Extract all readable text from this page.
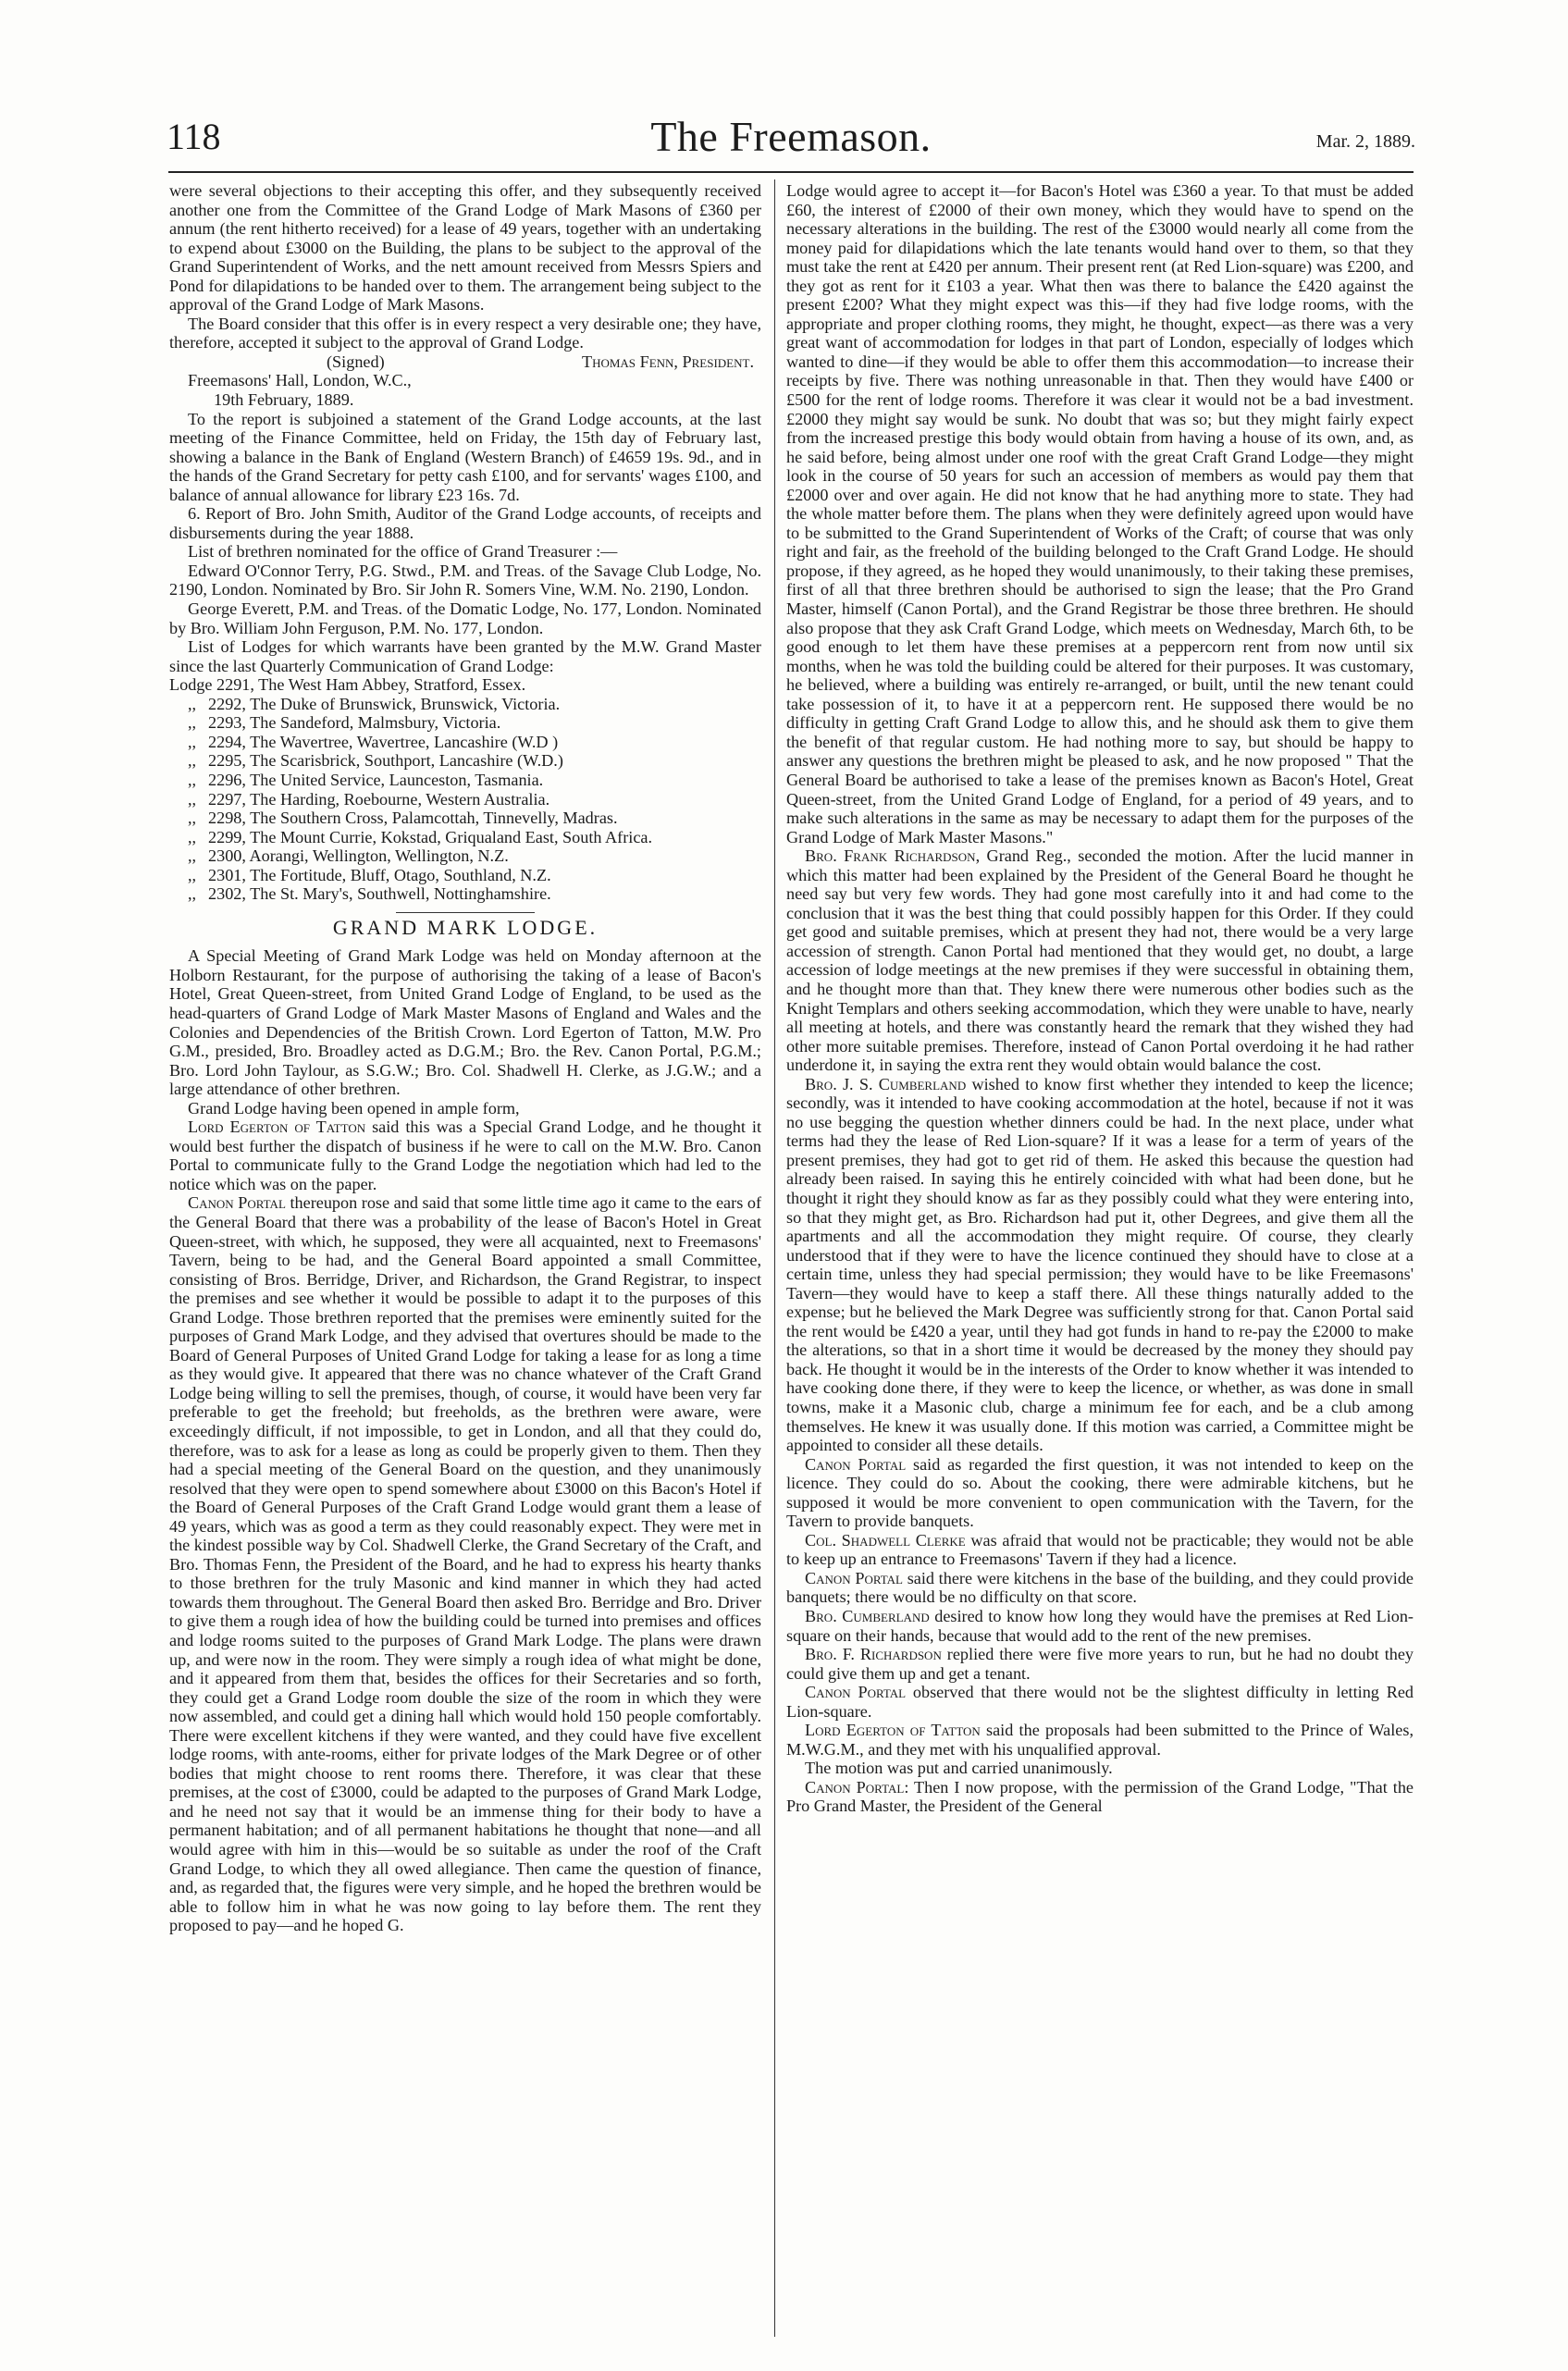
118	The Freemason.	Mar. 2, 1889.

were several objections to their accepting this offer, and they subsequently received another one from the Committee of the Grand Lodge of Mark Masons of £360 per annum (the rent hitherto received) for a lease of 49 years, together with an undertaking to expend about £3000 on the Building, the plans to be subject to the approval of the Grand Superintendent of Works, and the nett amount received from Messrs Spiers and Pond for dilapidations to be handed over to them. The arrangement being subject to the approval of the Grand Lodge of Mark Masons.

The Board consider that this offer is in every respect a very desirable one; they have, therefore, accepted it subject to the approval of Grand Lodge.

(Signed)	Thomas Fenn, President.

Freemasons' Hall, London, W.C.,

19th February, 1889.

To the report is subjoined a statement of the Grand Lodge accounts, at the last meeting of the Finance Committee, held on Friday, the 15th day of February last, showing a balance in the Bank of England (Western Branch) of £4659 19s. 9d., and in the hands of the Grand Secretary for petty cash £100, and for servants' wages £100, and balance of annual allowance for library £23 16s. 7d.

6. Report of Bro. John Smith, Auditor of the Grand Lodge accounts, of receipts and disbursements during the year 1888.

List of brethren nominated for the office of Grand Treasurer :—

Edward O'Connor Terry, P.G. Stwd., P.M. and Treas. of the Savage Club Lodge, No. 2190, London. Nominated by Bro. Sir John R. Somers Vine, W.M. No. 2190, London.

George Everett, P.M. and Treas. of the Domatic Lodge, No. 177, London. Nominated by Bro. William John Ferguson, P.M. No. 177, London.

List of Lodges for which warrants have been granted by the M.W. Grand Master since the last Quarterly Communication of Grand Lodge:

Lodge 2291, The West Ham Abbey, Stratford, Essex.

,, 2292, The Duke of Brunswick, Brunswick, Victoria.
,, 2293, The Sandeford, Malmsbury, Victoria.
,, 2294, The Wavertree, Wavertree, Lancashire (W.D )
,, 2295, The Scarisbrick, Southport, Lancashire (W.D.)
,, 2296, The United Service, Launceston, Tasmania.
,, 2297, The Harding, Roebourne, Western Australia.
,, 2298, The Southern Cross, Palamcottah, Tinnevelly, Madras.
,, 2299, The Mount Currie, Kokstad, Griqualand East, South Africa.
,, 2300, Aorangi, Wellington, Wellington, N.Z.
,, 2301, The Fortitude, Bluff, Otago, Southland, N.Z.
,, 2302, The St. Mary's, Southwell, Nottinghamshire.
GRAND MARK LODGE.

A Special Meeting of Grand Mark Lodge was held on Monday afternoon at the Holborn Restaurant, for the purpose of authorising the taking of a lease of Bacon's Hotel, Great Queen-street, from United Grand Lodge of England, to be used as the head-quarters of Grand Lodge of Mark Master Masons of England and Wales and the Colonies and Dependencies of the British Crown. Lord Egerton of Tatton, M.W. Pro G.M., presided, Bro. Broadley acted as D.G.M.; Bro. the Rev. Canon Portal, P.G.M.; Bro. Lord John Taylour, as S.G.W.; Bro. Col. Shadwell H. Clerke, as J.G.W.; and a large attendance of other brethren.

Grand Lodge having been opened in ample form,

Lord Egerton of Tatton said this was a Special Grand Lodge, and he thought it would best further the dispatch of business if he were to call on the M.W. Bro. Canon Portal to communicate fully to the Grand Lodge the negotiation which had led to the notice which was on the paper.

Canon Portal thereupon rose and said that some little time ago it came to the ears of the General Board that there was a probability of the lease of Bacon's Hotel in Great Queen-street, with which, he supposed, they were all acquainted, next to Freemasons' Tavern, being to be had, and the General Board appointed a small Committee, consisting of Bros. Berridge, Driver, and Richardson, the Grand Registrar, to inspect the premises and see whether it would be possible to adapt it to the purposes of this Grand Lodge. Those brethren reported that the premises were eminently suited for the purposes of Grand Mark Lodge, and they advised that overtures should be made to the Board of General Purposes of United Grand Lodge for taking a lease for as long a time as they would give. It appeared that there was no chance whatever of the Craft Grand Lodge being willing to sell the premises, though, of course, it would have been very far preferable to get the freehold; but freeholds, as the brethren were aware, were exceedingly difficult, if not impossible, to get in London, and all that they could do, therefore, was to ask for a lease as long as could be properly given to them. Then they had a special meeting of the General Board on the question, and they unanimously resolved that they were open to spend somewhere about £3000 on this Bacon's Hotel if the Board of General Purposes of the Craft Grand Lodge would grant them a lease of 49 years, which was as good a term as they could reasonably expect. They were met in the kindest possible way by Col. Shadwell Clerke, the Grand Secretary of the Craft, and Bro. Thomas Fenn, the President of the Board, and he had to express his hearty thanks to those brethren for the truly Masonic and kind manner in which they had acted towards them throughout. The General Board then asked Bro. Berridge and Bro. Driver to give them a rough idea of how the building could be turned into premises and offices and lodge rooms suited to the purposes of Grand Mark Lodge. The plans were drawn up, and were now in the room. They were simply a rough idea of what might be done, and it appeared from them that, besides the offices for their Secretaries and so forth, they could get a Grand Lodge room double the size of the room in which they were now assembled, and could get a dining hall which would hold 150 people comfortably. There were excellent kitchens if they were wanted, and they could have five excellent lodge rooms, with ante-rooms, either for private lodges of the Mark Degree or of other bodies that might choose to rent rooms there. Therefore, it was clear that these premises, at the cost of £3000, could be adapted to the purposes of Grand Mark Lodge, and he need not say that it would be an immense thing for their body to have a permanent habitation; and of all permanent habitations he thought that none—and all would agree with him in this—would be so suitable as under the roof of the Craft Grand Lodge, to which they all owed allegiance. Then came the question of finance, and, as regarded that, the figures were very simple, and he hoped the brethren would be able to follow him in what he was now going to lay before them. The rent they proposed to pay—and he hoped G.

Lodge would agree to accept it—for Bacon's Hotel was £360 a year. To that must be added £60, the interest of £2000 of their own money, which they would have to spend on the necessary alterations in the building. The rest of the £3000 would nearly all come from the money paid for dilapidations which the late tenants would hand over to them, so that they must take the rent at £420 per annum. Their present rent (at Red Lion-square) was £200, and they got as rent for it £103 a year. What then was there to balance the £420 against the present £200? What they might expect was this—if they had five lodge rooms, with the appropriate and proper clothing rooms, they might, he thought, expect—as there was a very great want of accommodation for lodges in that part of London, especially of lodges which wanted to dine—if they would be able to offer them this accommodation—to increase their receipts by five. There was nothing unreasonable in that. Then they would have £400 or £500 for the rent of lodge rooms. Therefore it was clear it would not be a bad investment. £2000 they might say would be sunk. No doubt that was so; but they might fairly expect from the increased prestige this body would obtain from having a house of its own, and, as he said before, being almost under one roof with the great Craft Grand Lodge—they might look in the course of 50 years for such an accession of members as would pay them that £2000 over and over again. He did not know that he had anything more to state. They had the whole matter before them. The plans when they were definitely agreed upon would have to be submitted to the Grand Superintendent of Works of the Craft; of course that was only right and fair, as the freehold of the building belonged to the Craft Grand Lodge. He should propose, if they agreed, as he hoped they would unanimously, to their taking these premises, first of all that three brethren should be authorised to sign the lease; that the Pro Grand Master, himself (Canon Portal), and the Grand Registrar be those three brethren. He should also propose that they ask Craft Grand Lodge, which meets on Wednesday, March 6th, to be good enough to let them have these premises at a peppercorn rent from now until six months, when he was told the building could be altered for their purposes. It was customary, he believed, where a building was entirely re-arranged, or built, until the new tenant could take possession of it, to have it at a peppercorn rent. He supposed there would be no difficulty in getting Craft Grand Lodge to allow this, and he should ask them to give them the benefit of that regular custom. He had nothing more to say, but should be happy to answer any questions the brethren might be pleased to ask, and he now proposed " That the General Board be authorised to take a lease of the premises known as Bacon's Hotel, Great Queen-street, from the United Grand Lodge of England, for a period of 49 years, and to make such alterations in the same as may be necessary to adapt them for the purposes of the Grand Lodge of Mark Master Masons."

Bro. Frank Richardson, Grand Reg., seconded the motion. After the lucid manner in which this matter had been explained by the President of the General Board he thought he need say but very few words. They had gone most carefully into it and had come to the conclusion that it was the best thing that could possibly happen for this Order. If they could get good and suitable premises, which at present they had not, there would be a very large accession of strength. Canon Portal had mentioned that they would get, no doubt, a large accession of lodge meetings at the new premises if they were successful in obtaining them, and he thought more than that. They knew there were numerous other bodies such as the Knight Templars and others seeking accommodation, which they were unable to have, nearly all meeting at hotels, and there was constantly heard the remark that they wished they had other more suitable premises. Therefore, instead of Canon Portal overdoing it he had rather underdone it, in saying the extra rent they would obtain would balance the cost.

Bro. J. S. Cumberland wished to know first whether they intended to keep the licence; secondly, was it intended to have cooking accommodation at the hotel, because if not it was no use begging the question whether dinners could be had. In the next place, under what terms had they the lease of Red Lion-square? If it was a lease for a term of years of the present premises, they had got to get rid of them. He asked this because the question had already been raised. In saying this he entirely coincided with what had been done, but he thought it right they should know as far as they possibly could what they were entering into, so that they might get, as Bro. Richardson had put it, other Degrees, and give them all the apartments and all the accommodation they might require. Of course, they clearly understood that if they were to have the licence continued they should have to close at a certain time, unless they had special permission; they would have to be like Freemasons' Tavern—they would have to keep a staff there. All these things naturally added to the expense; but he believed the Mark Degree was sufficiently strong for that. Canon Portal said the rent would be £420 a year, until they had got funds in hand to re-pay the £2000 to make the alterations, so that in a short time it would be decreased by the money they should pay back. He thought it would be in the interests of the Order to know whether it was intended to have cooking done there, if they were to keep the licence, or whether, as was done in small towns, make it a Masonic club, charge a minimum fee for each, and be a club among themselves. He knew it was usually done. If this motion was carried, a Committee might be appointed to consider all these details.

Canon Portal said as regarded the first question, it was not intended to keep on the licence. They could do so. About the cooking, there were admirable kitchens, but he supposed it would be more convenient to open communication with the Tavern, for the Tavern to provide banquets.

Col. Shadwell Clerke was afraid that would not be practicable; they would not be able to keep up an entrance to Freemasons' Tavern if they had a licence.

Canon Portal said there were kitchens in the base of the building, and they could provide banquets; there would be no difficulty on that score.

Bro. Cumberland desired to know how long they would have the premises at Red Lion-square on their hands, because that would add to the rent of the new premises.

Bro. F. Richardson replied there were five more years to run, but he had no doubt they could give them up and get a tenant.

Canon Portal observed that there would not be the slightest difficulty in letting Red Lion-square.

Lord Egerton of Tatton said the proposals had been submitted to the Prince of Wales, M.W.G.M., and they met with his unqualified approval.

The motion was put and carried unanimously.

Canon Portal: Then I now propose, with the permission of the Grand Lodge, "That the Pro Grand Master, the President of the General
